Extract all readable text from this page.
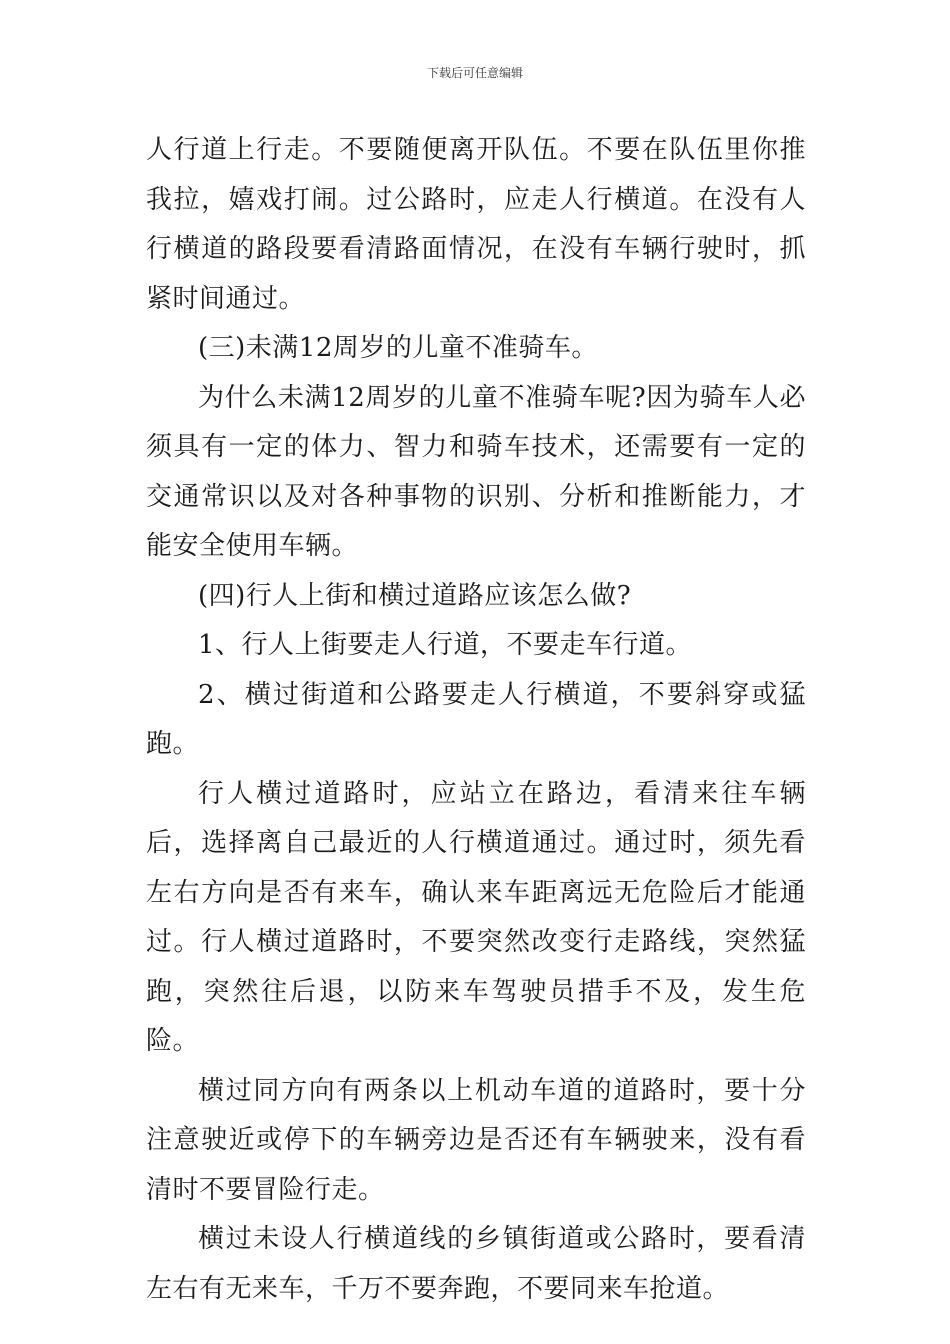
下载后可任意编辑

人行道上行走。不要随便离开队伍。不要在队伍里你推我拉，嬉戏打闹。过公路时，应走人行横道。在没有人行横道的路段要看清路面情况，在没有车辆行驶时，抓紧时间通过。

(三)未满12周岁的儿童不准骑车。

为什么未满12周岁的儿童不准骑车呢?因为骑车人必须具有一定的体力、智力和骑车技术，还需要有一定的交通常识以及对各种事物的识别、分析和推断能力，才能安全使用车辆。

(四)行人上街和横过道路应该怎么做?

1、行人上街要走人行道，不要走车行道。

2、横过街道和公路要走人行横道，不要斜穿或猛跑。

行人横过道路时，应站立在路边，看清来往车辆后，选择离自己最近的人行横道通过。通过时，须先看左右方向是否有来车，确认来车距离远无危险后才能通过。行人横过道路时，不要突然改变行走路线，突然猛跑，突然往后退，以防来车驾驶员措手不及，发生危险。

横过同方向有两条以上机动车道的道路时，要十分注意驶近或停下的车辆旁边是否还有车辆驶来，没有看清时不要冒险行走。

横过未设人行横道线的乡镇街道或公路时，要看清左右有无来车，千万不要奔跑，不要同来车抢道。
